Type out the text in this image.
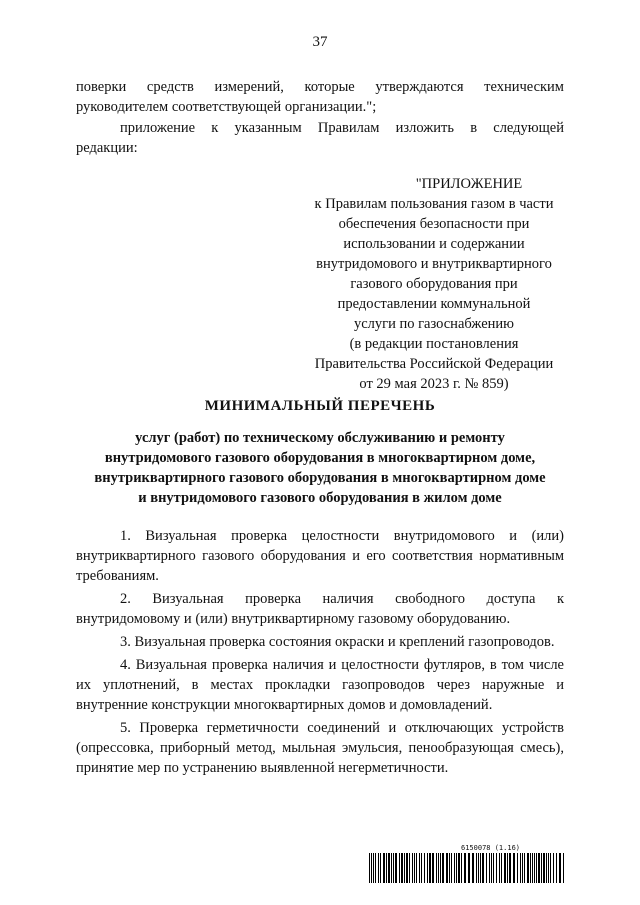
37
поверки средств измерений, которые утверждаются техническим руководителем соответствующей организации.";
приложение к указанным Правилам изложить в следующей
редакции:
"ПРИЛОЖЕНИЕ
к Правилам пользования газом в части
обеспечения безопасности при
использовании и содержании
внутридомового и внутриквартирного
газового оборудования при
предоставлении коммунальной
услуги по газоснабжению
(в редакции постановления
Правительства Российской Федерации
от 29 мая 2023 г. № 859)
МИНИМАЛЬНЫЙ ПЕРЕЧЕНЬ
услуг (работ) по техническому обслуживанию и ремонту
внутридомового газового оборудования в многоквартирном доме,
внутриквартирного газового оборудования в многоквартирном доме
и внутридомового газового оборудования в жилом доме
1. Визуальная проверка целостности внутридомового и (или) внутриквартирного газового оборудования и его соответствия нормативным требованиям.
2. Визуальная проверка наличия свободного доступа к внутридомовому и (или) внутриквартирному газовому оборудованию.
3. Визуальная проверка состояния окраски и креплений газопроводов.
4. Визуальная проверка наличия и целостности футляров, в том числе их уплотнений, в местах прокладки газопроводов через наружные и внутренние конструкции многоквартирных домов и домовладений.
5. Проверка герметичности соединений и отключающих устройств (опрессовка, приборный метод, мыльная эмульсия, пенообразующая смесь), принятие мер по устранению выявленной негерметичности.
6150078 (1.16)
